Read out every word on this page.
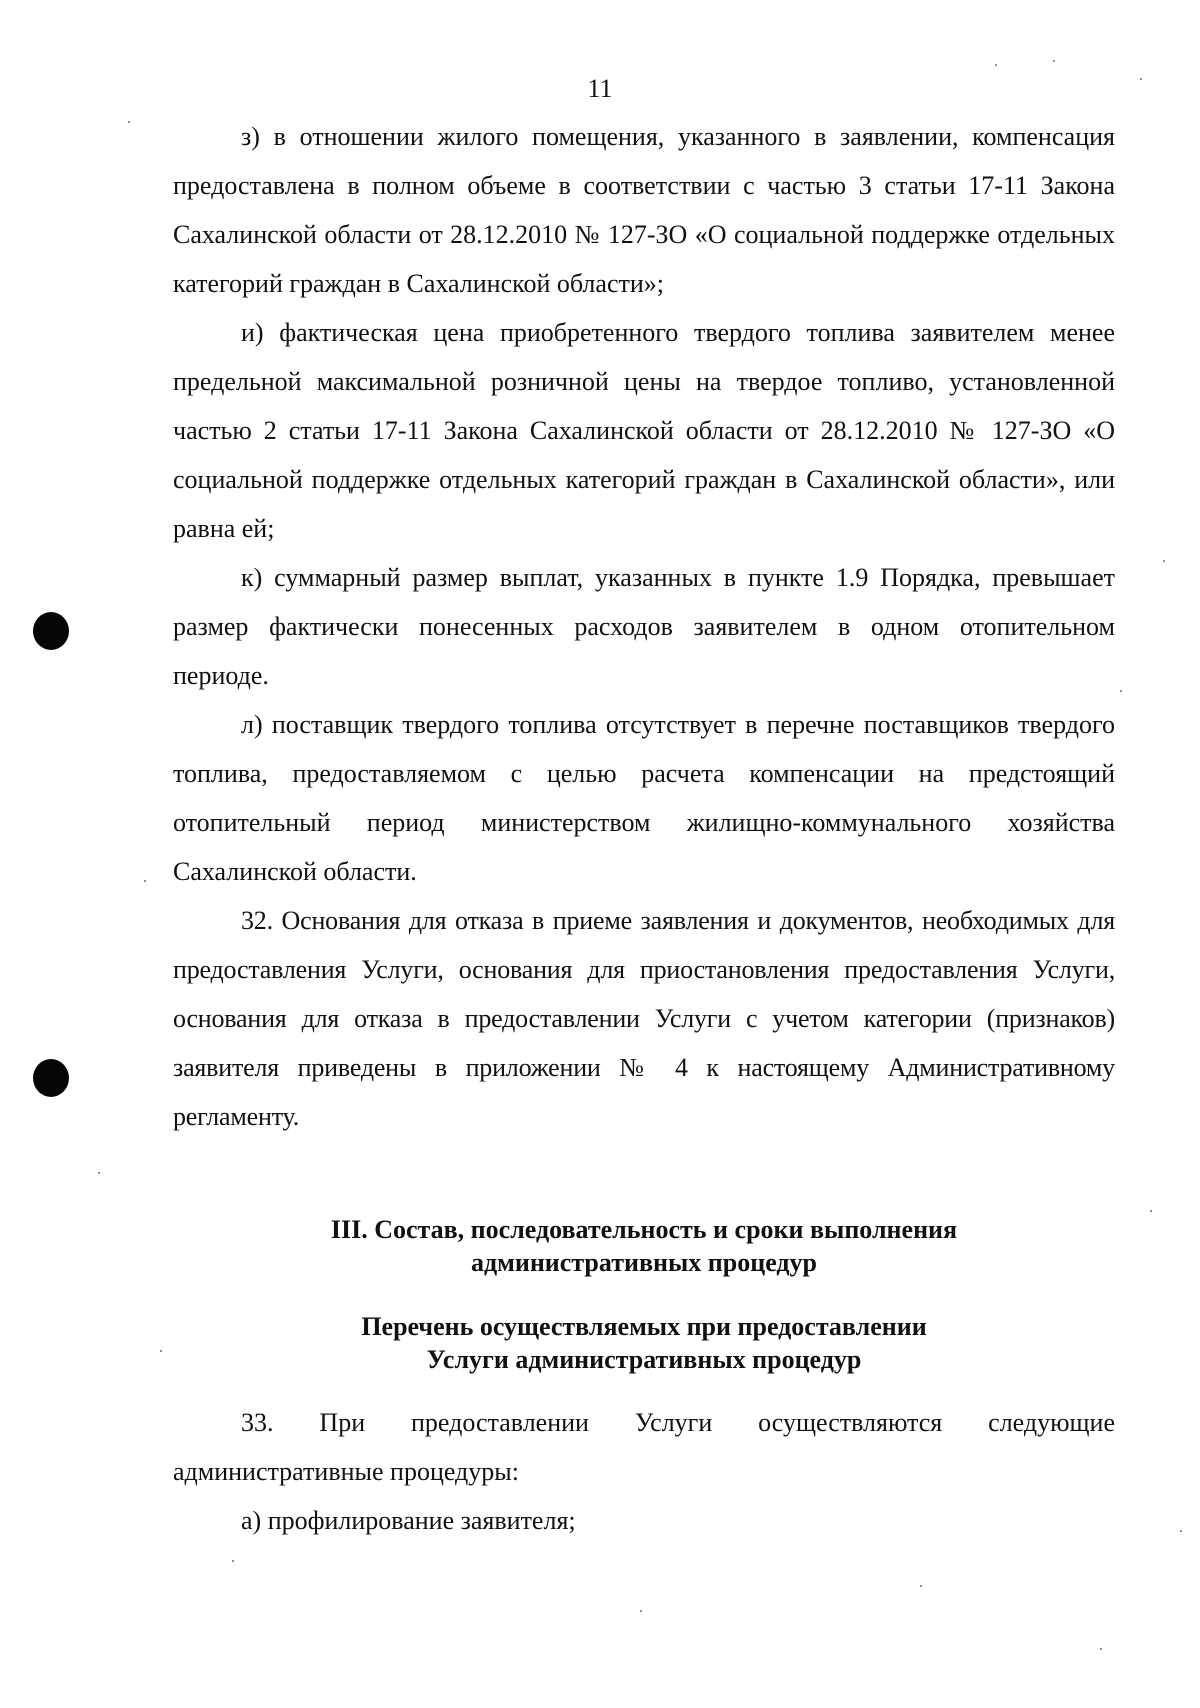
11

з) в отношении жилого помещения, указанного в заявлении, компенсация предоставлена в полном объеме в соответствии с частью 3 статьи 17-11 Закона Сахалинской области от 28.12.2010 № 127-ЗО «О социальной поддержке отдельных категорий граждан в Сахалинской области»;

и) фактическая цена приобретенного твердого топлива заявителем менее предельной максимальной розничной цены на твердое топливо, установленной частью 2 статьи 17-11 Закона Сахалинской области от 28.12.2010 № 127-ЗО «О социальной поддержке отдельных категорий граждан в Сахалинской области», или равна ей;

к) суммарный размер выплат, указанных в пункте 1.9 Порядка, превышает размер фактически понесенных расходов заявителем в одном отопительном периоде.

л) поставщик твердого топлива отсутствует в перечне поставщиков твердого топлива, предоставляемом с целью расчета компенсации на предстоящий отопительный период министерством жилищно-коммунального хозяйства Сахалинской области.

32. Основания для отказа в приеме заявления и документов, необходимых для предоставления Услуги, основания для приостановления предоставления Услуги, основания для отказа в предоставлении Услуги с учетом категории (признаков) заявителя приведены в приложении № 4 к настоящему Административному регламенту.

III. Состав, последовательность и сроки выполнения
административных процедур
Перечень осуществляемых при предоставлении
Услуги административных процедур

33. При предоставлении Услуги осуществляются следующие административные процедуры:

а) профилирование заявителя;
